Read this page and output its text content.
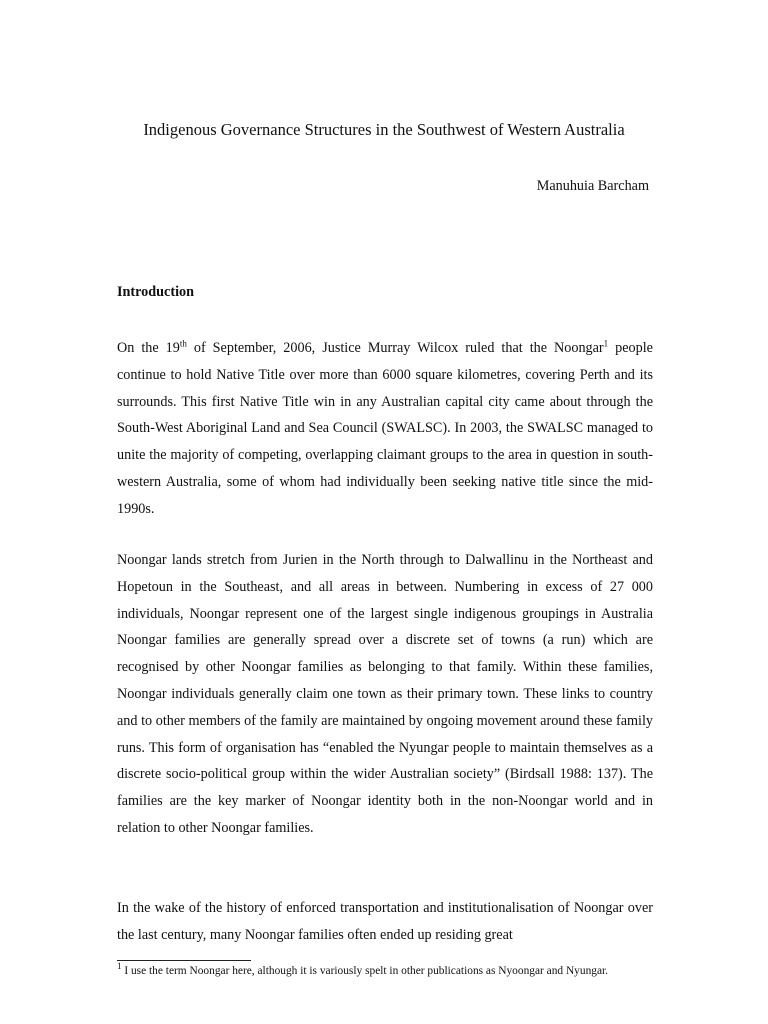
Indigenous Governance Structures in the Southwest of Western Australia
Manuhuia Barcham
Introduction

On the 19th of September, 2006, Justice Murray Wilcox ruled that the Noongar$^1$ people continue to hold Native Title over more than 6000 square kilometres, covering Perth and its surrounds. This first Native Title win in any Australian capital city came about through the South-West Aboriginal Land and Sea Council (SWALSC). In 2003, the SWALSC managed to unite the majority of competing, overlapping claimant groups to the area in question in south-western Australia, some of whom had individually been seeking native title since the mid-1990s.

Noongar lands stretch from Jurien in the North through to Dalwallinu in the Northeast and Hopetoun in the Southeast, and all areas in between. Numbering in excess of 27 000 individuals, Noongar represent one of the largest single indigenous groupings in Australia Noongar families are generally spread over a discrete set of towns (a run) which are recognised by other Noongar families as belonging to that family. Within these families, Noongar individuals generally claim one town as their primary town. These links to country and to other members of the family are maintained by ongoing movement around these family runs. This form of organisation has “enabled the Nyungar people to maintain themselves as a discrete socio-political group within the wider Australian society” (Birdsall 1988: 137). The families are the key marker of Noongar identity both in the non-Noongar world and in relation to other Noongar families.

In the wake of the history of enforced transportation and institutionalisation of Noongar over the last century, many Noongar families often ended up residing great

$^1$ I use the term Noongar here, although it is variously spelt in other publications as Nyoongar and Nyungar.
